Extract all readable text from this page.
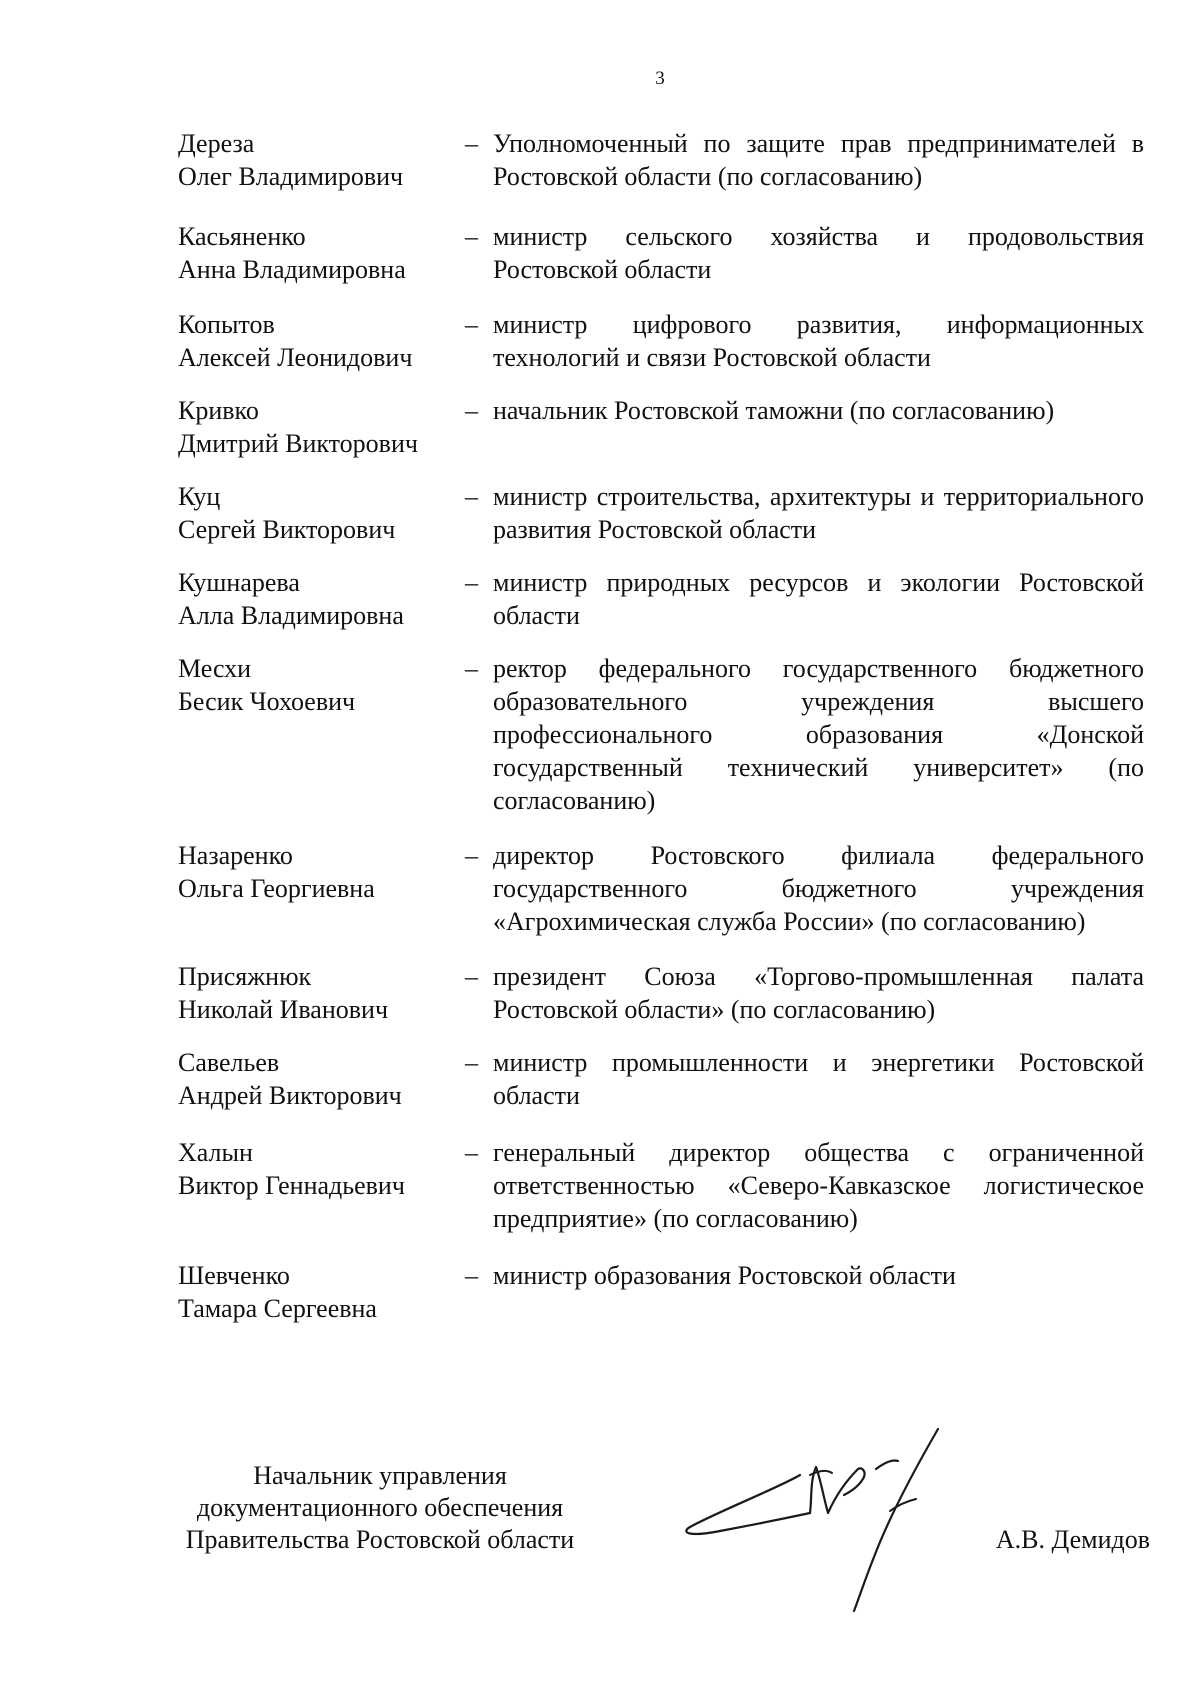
3
Дереза
Олег Владимирович
– Уполномоченный по защите прав предпринимателей в Ростовской области (по согласованию)
Касьяненко
Анна Владимировна
– министр сельского хозяйства и продовольствия Ростовской области
Копытов
Алексей Леонидович
– министр цифрового развития, информационных технологий и связи Ростовской области
Кривко
Дмитрий Викторович
– начальник Ростовской таможни (по согласованию)
Куц
Сергей Викторович
– министр строительства, архитектуры и территориального развития Ростовской области
Кушнарева
Алла Владимировна
– министр природных ресурсов и экологии Ростовской области
Месхи
Бесик Чохоевич
– ректор федерального государственного бюджетного образовательного учреждения высшего профессионального образования «Донской государственный технический университет» (по согласованию)
Назаренко
Ольга Георгиевна
– директор Ростовского филиала федерального государственного бюджетного учреждения «Агрохимическая служба России» (по согласованию)
Присяжнюк
Николай Иванович
– президент Союза «Торгово-промышленная палата Ростовской области» (по согласованию)
Савельев
Андрей Викторович
– министр промышленности и энергетики Ростовской области
Халын
Виктор Геннадьевич
– генеральный директор общества с ограниченной ответственностью «Северо-Кавказское логистическое предприятие» (по согласованию)
Шевченко
Тамара Сергеевна
– министр образования Ростовской области
Начальник управления
документационного обеспечения
Правительства Ростовской области	А.В. Демидов
